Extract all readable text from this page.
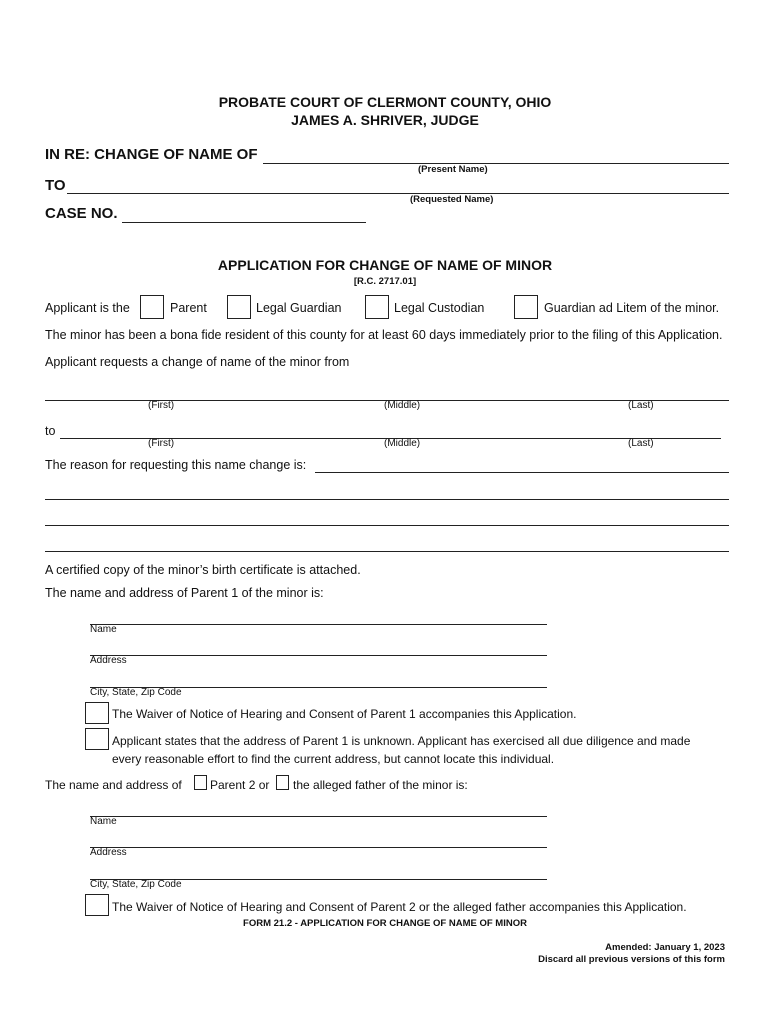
PROBATE COURT OF CLERMONT COUNTY, OHIO
JAMES A. SHRIVER, JUDGE
IN RE: CHANGE OF NAME OF
(Present Name)
TO
(Requested Name)
CASE NO.
APPLICATION FOR CHANGE OF NAME OF MINOR
[R.C. 2717.01]
Applicant is the	Parent	Legal Guardian	Legal Custodian	Guardian ad Litem of the minor.
The minor has been a bona fide resident of this county for at least 60 days immediately prior to the filing of this Application.
Applicant requests a change of name of the minor from
(First)	(Middle)	(Last)
to
(First)	(Middle)	(Last)
The reason for requesting this name change is:
A certified copy of the minor’s birth certificate is attached.
The name and address of Parent 1 of the minor is:
Name
Address
City, State, Zip Code
The Waiver of Notice of Hearing and Consent of Parent 1 accompanies this Application.
Applicant states that the address of Parent 1 is unknown. Applicant has exercised all due diligence and made
every reasonable effort to find the current address, but cannot locate this individual.
The name and address of Parent 2 or the alleged father of the minor is:
Name
Address
City, State, Zip Code
The Waiver of Notice of Hearing and Consent of Parent 2 or the alleged father accompanies this Application.
FORM 21.2 - APPLICATION FOR CHANGE OF NAME OF MINOR
Amended: January 1, 2023
Discard all previous versions of this form
